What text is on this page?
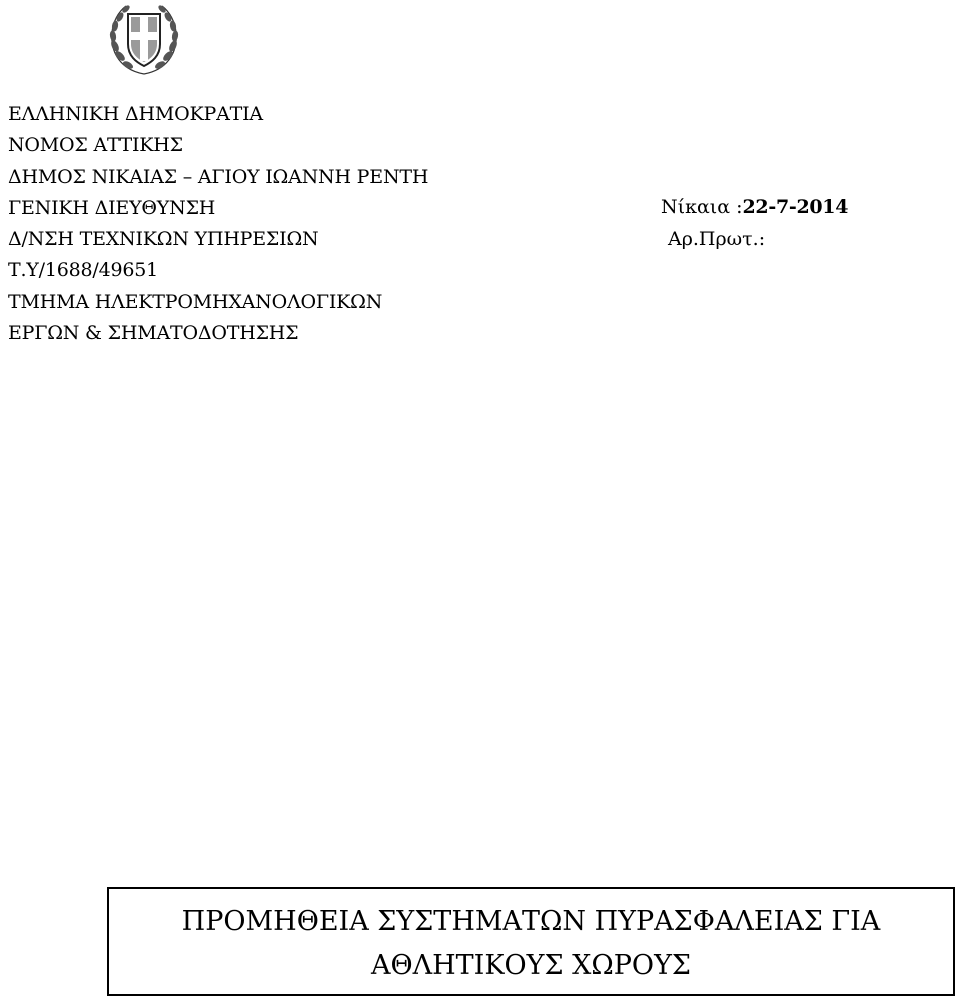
ΕΛΛΗΝΙΚΗ ΔΗΜΟΚΡΑΤΙΑ
ΝΟΜΟΣ ΑΤΤΙΚΗΣ
ΔΗΜΟΣ ΝΙΚΑΙΑΣ – ΑΓΙΟΥ ΙΩΑΝΝΗ ΡΕΝΤΗ
ΓΕΝΙΚΗ ΔΙΕΥΘΥΝΣΗ
Δ/ΝΣΗ ΤΕΧΝΙΚΩΝ ΥΠΗΡΕΣΙΩΝ
Τ.Υ/1688/49651
ΤΜΗΜΑ ΗΛΕΚΤΡΟΜΗΧΑΝΟΛΟΓΙΚΩΝ
ΕΡΓΩΝ & ΣΗΜΑΤΟΔΟΤΗΣΗΣ
Νίκαια :22-7-2014
Αρ.Πρωτ.:
ΠΡΟΜΗΘΕΙΑ ΣΥΣΤΗΜΑΤΩΝ ΠΥΡΑΣΦΑΛΕΙΑΣ ΓΙΑ
ΑΘΛΗΤΙΚΟΥΣ ΧΩΡΟΥΣ
